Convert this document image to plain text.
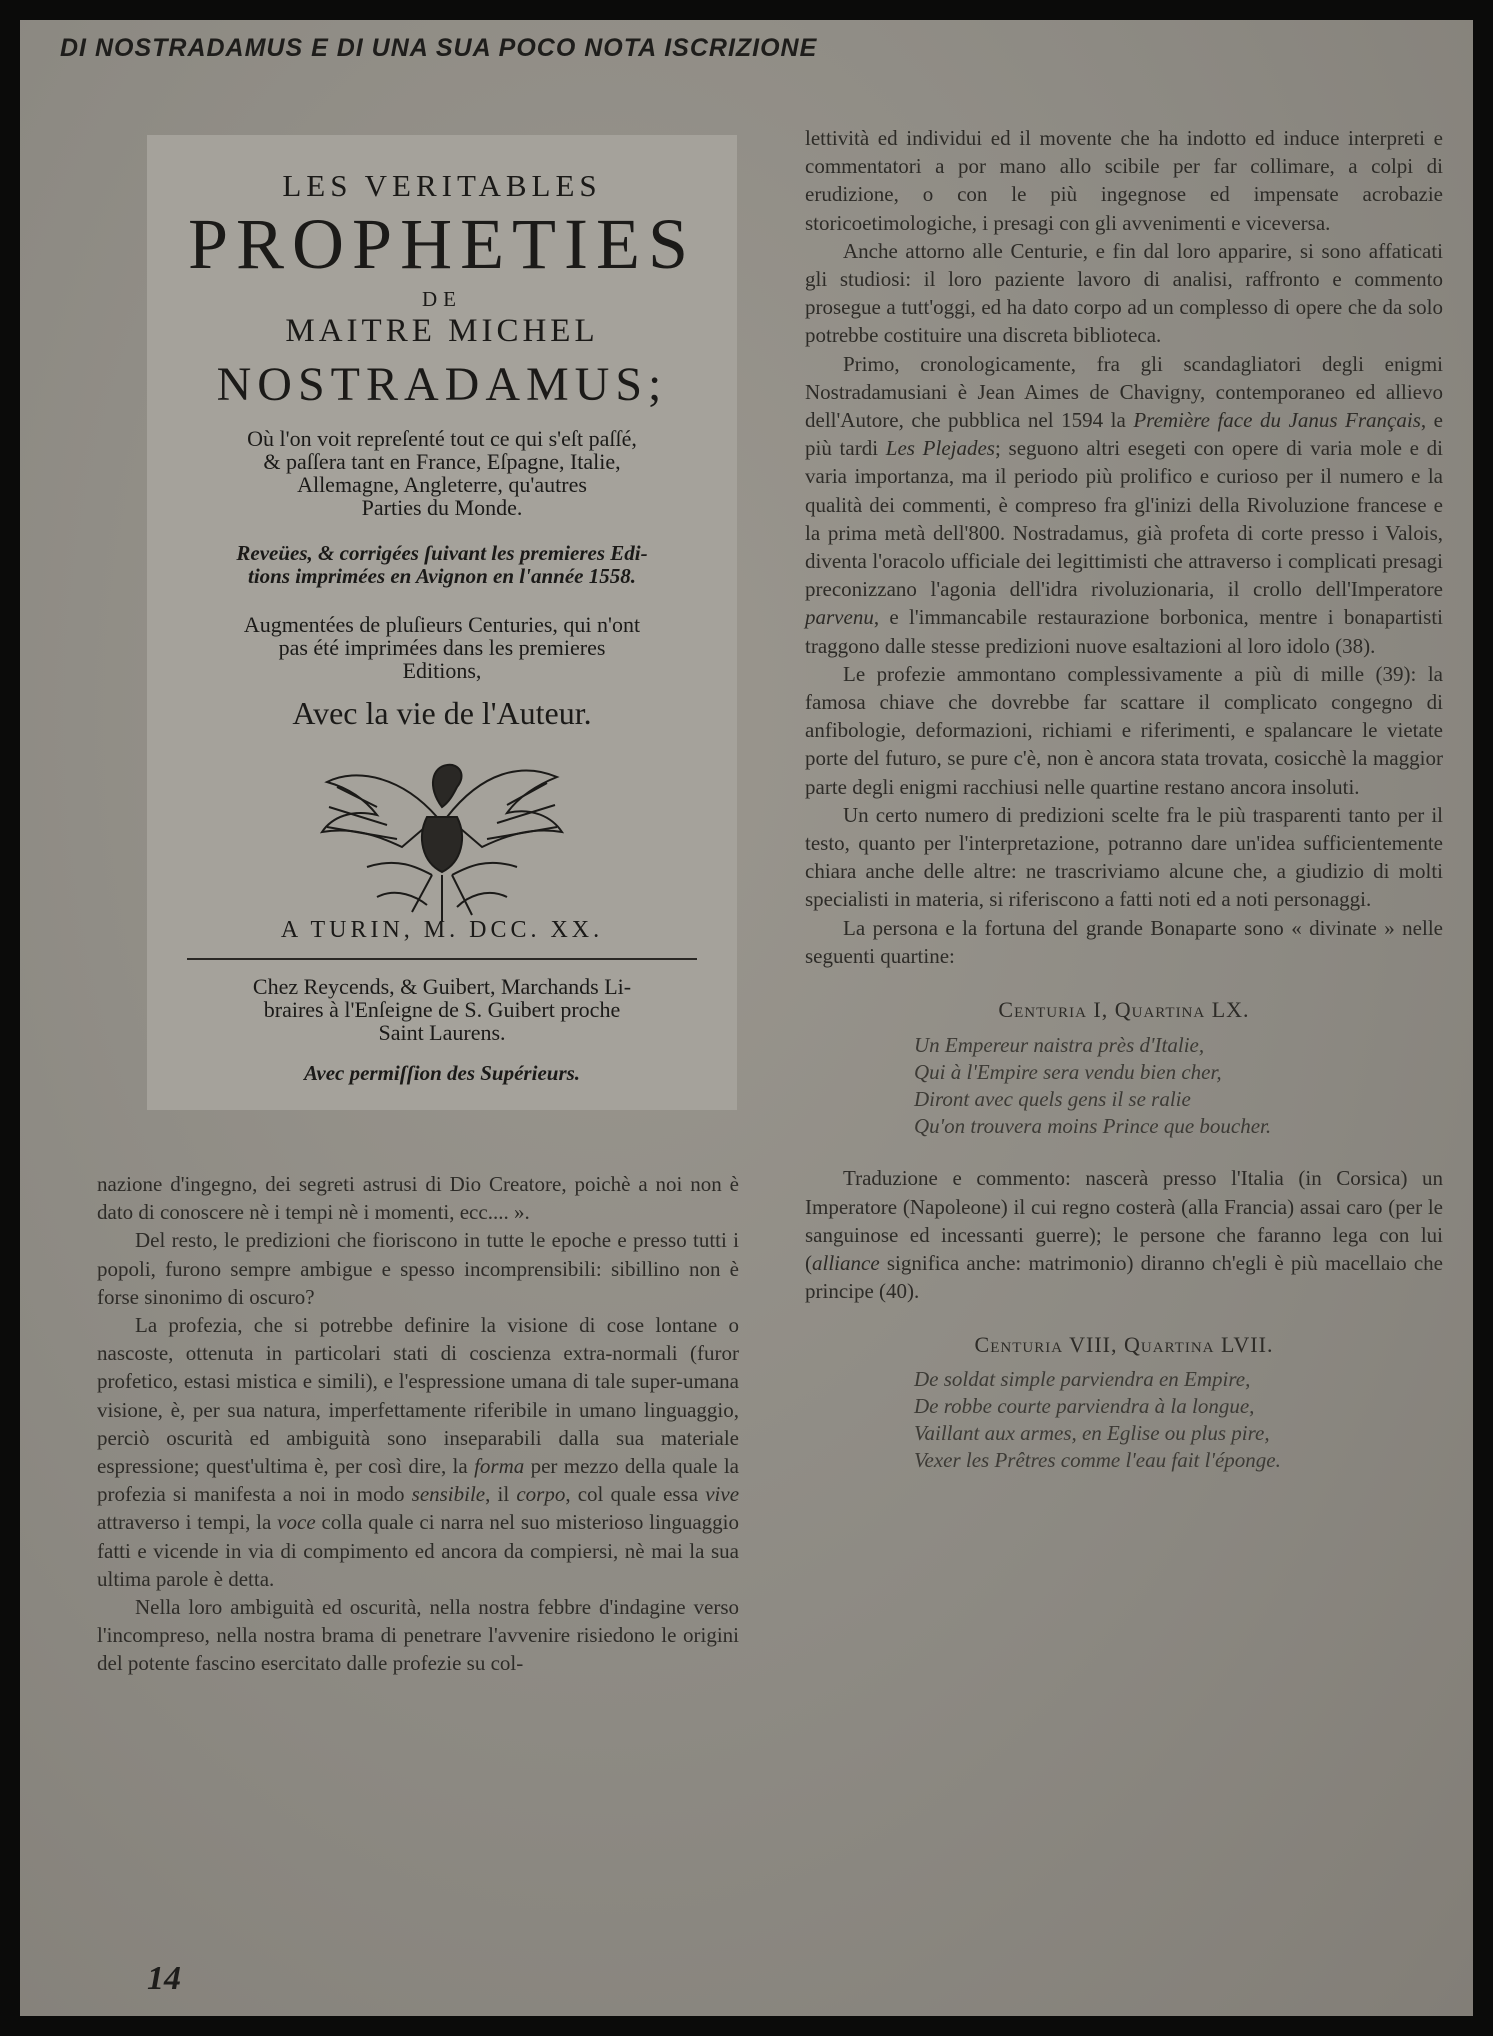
DI NOSTRADAMUS E DI UNA SUA POCO NOTA ISCRIZIONE
LES VERITABLES
PROPHETIES
DE
MAITRE MICHEL
NOSTRADAMUS;
Où l'on voit repreſenté tout ce qui s'eſt paſſé,
& paſſera tant en France, Eſpagne, Italie,
Allemagne, Angleterre, qu'autres
Parties du Monde.
Reveües, & corrigées ſuivant les premieres Edi-
tions imprimées en Avignon en l'année 1558.
Augmentées de pluſieurs Centuries, qui n'ont
pas été imprimées dans les premieres
Editions,
Avec la vie de l'Auteur.
A TURIN, M. DCC. XX.
Chez Reycends, & Guibert, Marchands Li-
braires à l'Enſeigne de S. Guibert proche
Saint Laurens.
Avec permiſſion des Supérieurs.

nazione d'ingegno, dei segreti astrusi di Dio Creatore, poichè a noi non è dato di conoscere nè i tempi nè i momenti, ecc.... ».

Del resto, le predizioni che fioriscono in tutte le epoche e presso tutti i popoli, furono sempre ambigue e spesso incomprensibili: sibillino non è forse sinonimo di oscuro?

La profezia, che si potrebbe definire la visione di cose lontane o nascoste, ottenuta in particolari stati di coscienza extra-normali (furor profetico, estasi mistica e simili), e l'espressione umana di tale super-umana visione, è, per sua natura, imperfettamente riferibile in umano linguaggio, perciò oscurità ed ambiguità sono inseparabili dalla sua materiale espressione; quest'ultima è, per così dire, la forma per mezzo della quale la profezia si manifesta a noi in modo sensibile, il corpo, col quale essa vive attraverso i tempi, la voce colla quale ci narra nel suo misterioso linguaggio fatti e vicende in via di compimento ed ancora da compiersi, nè mai la sua ultima parole è detta.

Nella loro ambiguità ed oscurità, nella nostra febbre d'indagine verso l'incompreso, nella nostra brama di penetrare l'avvenire risiedono le origini del potente fascino esercitato dalle profezie su col-

lettività ed individui ed il movente che ha indotto ed induce interpreti e commentatori a por mano allo scibile per far collimare, a colpi di erudizione, o con le più ingegnose ed impensate acrobazie storicoetimologiche, i presagi con gli avvenimenti e viceversa.

Anche attorno alle Centurie, e fin dal loro apparire, si sono affaticati gli studiosi: il loro paziente lavoro di analisi, raffronto e commento prosegue a tutt'oggi, ed ha dato corpo ad un complesso di opere che da solo potrebbe costituire una discreta biblioteca.

Primo, cronologicamente, fra gli scandagliatori degli enigmi Nostradamusiani è Jean Aimes de Chavigny, contemporaneo ed allievo dell'Autore, che pubblica nel 1594 la Première face du Janus Français, e più tardi Les Plejades; seguono altri esegeti con opere di varia mole e di varia importanza, ma il periodo più prolifico e curioso per il numero e la qualità dei commenti, è compreso fra gl'inizi della Rivoluzione francese e la prima metà dell'800. Nostradamus, già profeta di corte presso i Valois, diventa l'oracolo ufficiale dei legittimisti che attraverso i complicati presagi preconizzano l'agonia dell'idra rivoluzionaria, il crollo dell'Imperatore parvenu, e l'immancabile restaurazione borbonica, mentre i bonapartisti traggono dalle stesse predizioni nuove esaltazioni al loro idolo (38).

Le profezie ammontano complessivamente a più di mille (39): la famosa chiave che dovrebbe far scattare il complicato congegno di anfibologie, deformazioni, richiami e riferimenti, e spalancare le vietate porte del futuro, se pure c'è, non è ancora stata trovata, cosicchè la maggior parte degli enigmi racchiusi nelle quartine restano ancora insoluti.

Un certo numero di predizioni scelte fra le più trasparenti tanto per il testo, quanto per l'interpretazione, potranno dare un'idea sufficientemente chiara anche delle altre: ne trascriviamo alcune che, a giudizio di molti specialisti in materia, si riferiscono a fatti noti ed a noti personaggi.

La persona e la fortuna del grande Bonaparte sono « divinate » nelle seguenti quartine:

Centuria I, Quartina LX.

Un Empereur naistra près d'Italie,
Qui à l'Empire sera vendu bien cher,
Diront avec quels gens il se ralie
Qu'on trouvera moins Prince que boucher.

Traduzione e commento: nascerà presso l'Italia (in Corsica) un Imperatore (Napoleone) il cui regno costerà (alla Francia) assai caro (per le sanguinose ed incessanti guerre); le persone che faranno lega con lui (alliance significa anche: matrimonio) diranno ch'egli è più macellaio che principe (40).

Centuria VIII, Quartina LVII.

De soldat simple parviendra en Empire,
De robbe courte parviendra à la longue,
Vaillant aux armes, en Eglise ou plus pire,
Vexer les Prêtres comme l'eau fait l'éponge.
14
